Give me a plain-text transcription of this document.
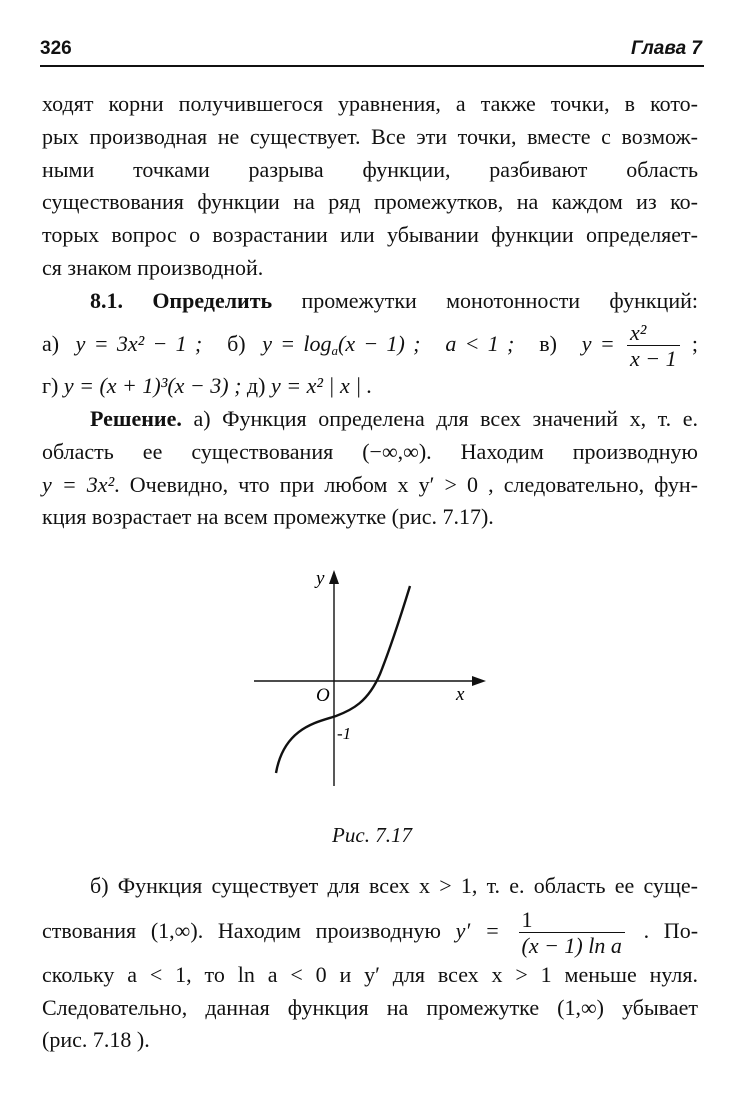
326	Глава 7
ходят корни получившегося уравнения, а также точки, в кото-
рых производная не существует. Все эти точки, вместе с возмож-
ными точками разрыва функции, разбивают область
существования функции на ряд промежутков, на каждом из ко-
торых вопрос о возрастании или убывании функции определяет-
ся знаком производной.
8.1. Определить промежутки монотонности функций:
а) y = 3x² − 1 ; б) $y = \log_a(x - 1)$ ; a < 1 ; в) $y = \frac{\text{x²}}{x - 1}$ ;
г) y = (x + 1)³(x − 3) ; д) y = x² | x | .
Решение. а) Функция определена для всех значений x, т. е.
область ее существования (−∞,∞). Находим производную
y = 3x². Очевидно, что при любом x y′ > 0 , следовательно, фун-
кция возрастает на всем промежутке (рис. 7.17).
y
x
O
-1
Рис. 7.17
б) Функция существует для всех x > 1, т. е. область ее суще-
ствования (1,∞). Находим производную $y' = \frac{1}{\text{(x − 1) ln a}}$ . По-
скольку a < 1, то ln a < 0 и y′ для всех x > 1 меньше нуля.
Следовательно, данная функция на промежутке (1,∞) убывает
(рис. 7.18 ).
